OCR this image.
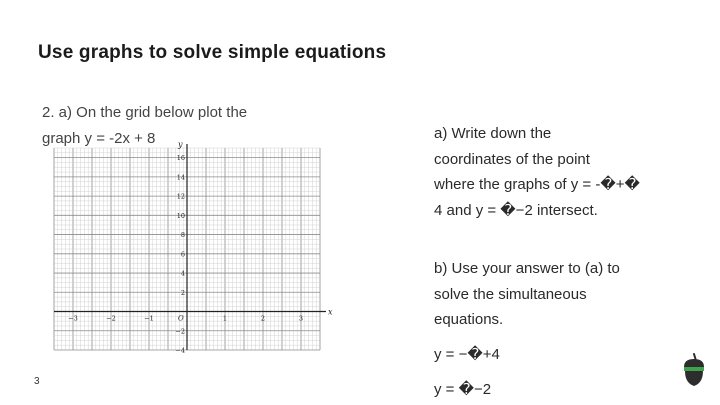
Use graphs to solve simple equations
2. a) On the grid below plot the
graph y = -2x + 8
x
y
O
−3	−2	−1	1	2	3
16
14
12
10
8
6
4
2
−2
−4
a) Write down the
coordinates of the point
where the graphs of y = -�+�
4 and y = �−2 intersect.
b) Use your answer to (a) to
solve the simultaneous
equations.
y = −�+4
y = �−2
3
